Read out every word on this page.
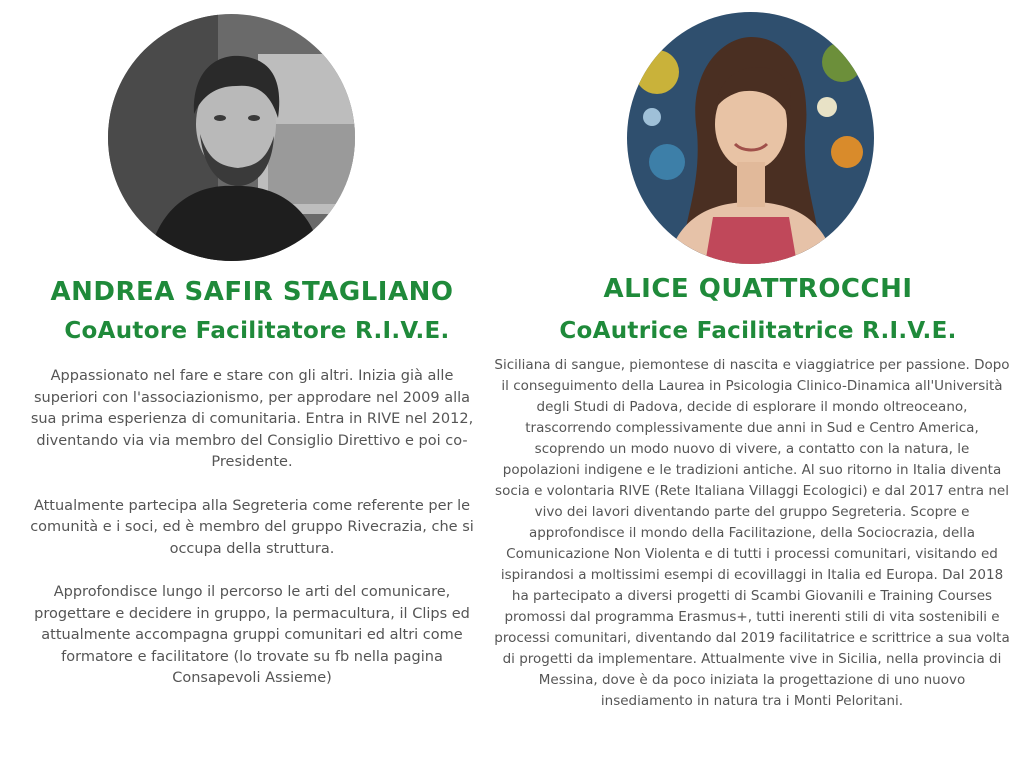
ANDREA SAFIR STAGLIANO
CoAutore Facilitatore R.I.V.E.

Appassionato nel fare e stare con gli altri. Inizia già alle superiori con l'associazionismo, per approdare nel 2009 alla sua prima esperienza di comunitaria. Entra in RIVE nel 2012, diventando via via membro del Consiglio Direttivo e poi co-Presidente.

Attualmente partecipa alla Segreteria come referente per le comunità e i soci, ed è membro del gruppo Rivecrazia, che si occupa della struttura.

Approfondisce lungo il percorso le arti del comunicare, progettare e decidere in gruppo, la permacultura, il Clips ed attualmente accompagna gruppi comunitari ed altri come formatore e facilitatore (lo trovate su fb nella pagina Consapevoli Assieme)

ALICE QUATTROCCHI
CoAutrice Facilitatrice R.I.V.E.

Siciliana di sangue, piemontese di nascita e viaggiatrice per passione. Dopo il conseguimento della Laurea in Psicologia Clinico-Dinamica all'Università degli Studi di Padova, decide di esplorare il mondo oltreoceano, trascorrendo complessivamente due anni in Sud e Centro America, scoprendo un modo nuovo di vivere, a contatto con la natura, le popolazioni indigene e le tradizioni antiche. Al suo ritorno in Italia diventa socia e volontaria RIVE (Rete Italiana Villaggi Ecologici) e dal 2017 entra nel vivo dei lavori diventando parte del gruppo Segreteria. Scopre e approfondisce il mondo della Facilitazione, della Sociocrazia, della Comunicazione Non Violenta e di tutti i processi comunitari, visitando ed ispirandosi a moltissimi esempi di ecovillaggi in Italia ed Europa. Dal 2018 ha partecipato a diversi progetti di Scambi Giovanili e Training Courses promossi dal programma Erasmus+, tutti inerenti stili di vita sostenibili e processi comunitari, diventando dal 2019 facilitatrice e scrittrice a sua volta di progetti da implementare. Attualmente vive in Sicilia, nella provincia di Messina, dove è da poco iniziata la progettazione di uno nuovo insediamento in natura tra i Monti Peloritani.
